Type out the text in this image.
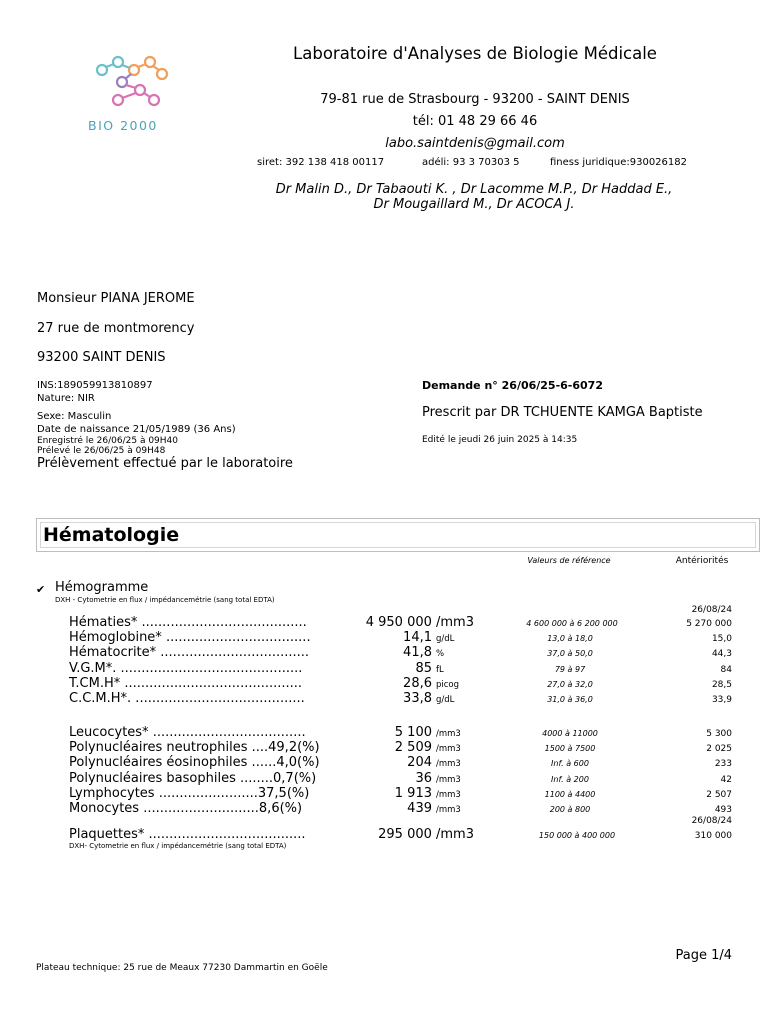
BIO 2000
Laboratoire d'Analyses de Biologie Médicale
79-81 rue de Strasbourg - 93200 - SAINT DENIS
tél: 01 48 29 66 46
labo.saintdenis@gmail.com
siret: 392 138 418 00117	adéli: 93 3 70303 5	finess juridique:930026182
Dr Malin D., Dr Tabaouti K. , Dr Lacomme M.P., Dr Haddad E.,
Dr Mougaillard M., Dr ACOCA J.
Monsieur PIANA JEROME
27 rue de montmorency
93200 SAINT DENIS
INS:189059913810897
Nature: NIR
Sexe: Masculin
Date de naissance 21/05/1989 (36 Ans)
Enregistré le 26/06/25 à 09H40
Prélevé le 26/06/25 à 09H48
Prélèvement effectué par le laboratoire
Demande n° 26/06/25-6-6072
Prescrit par DR TCHUENTE KAMGA Baptiste
Edité le jeudi 26 juin 2025 à 14:35
Hématologie
Valeurs de référence	Antériorités
✔ Hémogramme
DXH - Cytometrie en flux / impédancemétrie (sang total EDTA)
26/08/24
Hématies* ........................................	4 950 000 /mm3	4 600 000 à 6 200 000	5 270 000
Hémoglobine* ...................................	14,1 g/dL	13,0 à 18,0	15,0
Hématocrite* ....................................	41,8 %	37,0 à 50,0	44,3
V.G.M*. ............................................	85 fL	79 à 97	84
T.CM.H* ...........................................	28,6 picog	27,0 à 32,0	28,5
C.C.M.H*. .........................................	33,8 g/dL	31,0 à 36,0	33,9
Leucocytes* .....................................	5 100 /mm3	4000 à 11000	5 300
Polynucléaires neutrophiles ....49,2(%)	2 509 /mm3	1500 à 7500	2 025
Polynucléaires éosinophiles ......4,0(%)	204 /mm3	Inf. à 600	233
Polynucléaires basophiles ........0,7(%)	36 /mm3	Inf. à 200	42
Lymphocytes ........................37,5(%)	1 913 /mm3	1100 à 4400	2 507
Monocytes ............................8,6(%)	439 /mm3	200 à 800	493
26/08/24
Plaquettes* ......................................	295 000 /mm3	150 000 à 400 000	310 000
DXH- Cytometrie en flux / impédancemétrie (sang total EDTA)
Page 1/4
Plateau technique: 25 rue de Meaux 77230 Dammartin en Goële
